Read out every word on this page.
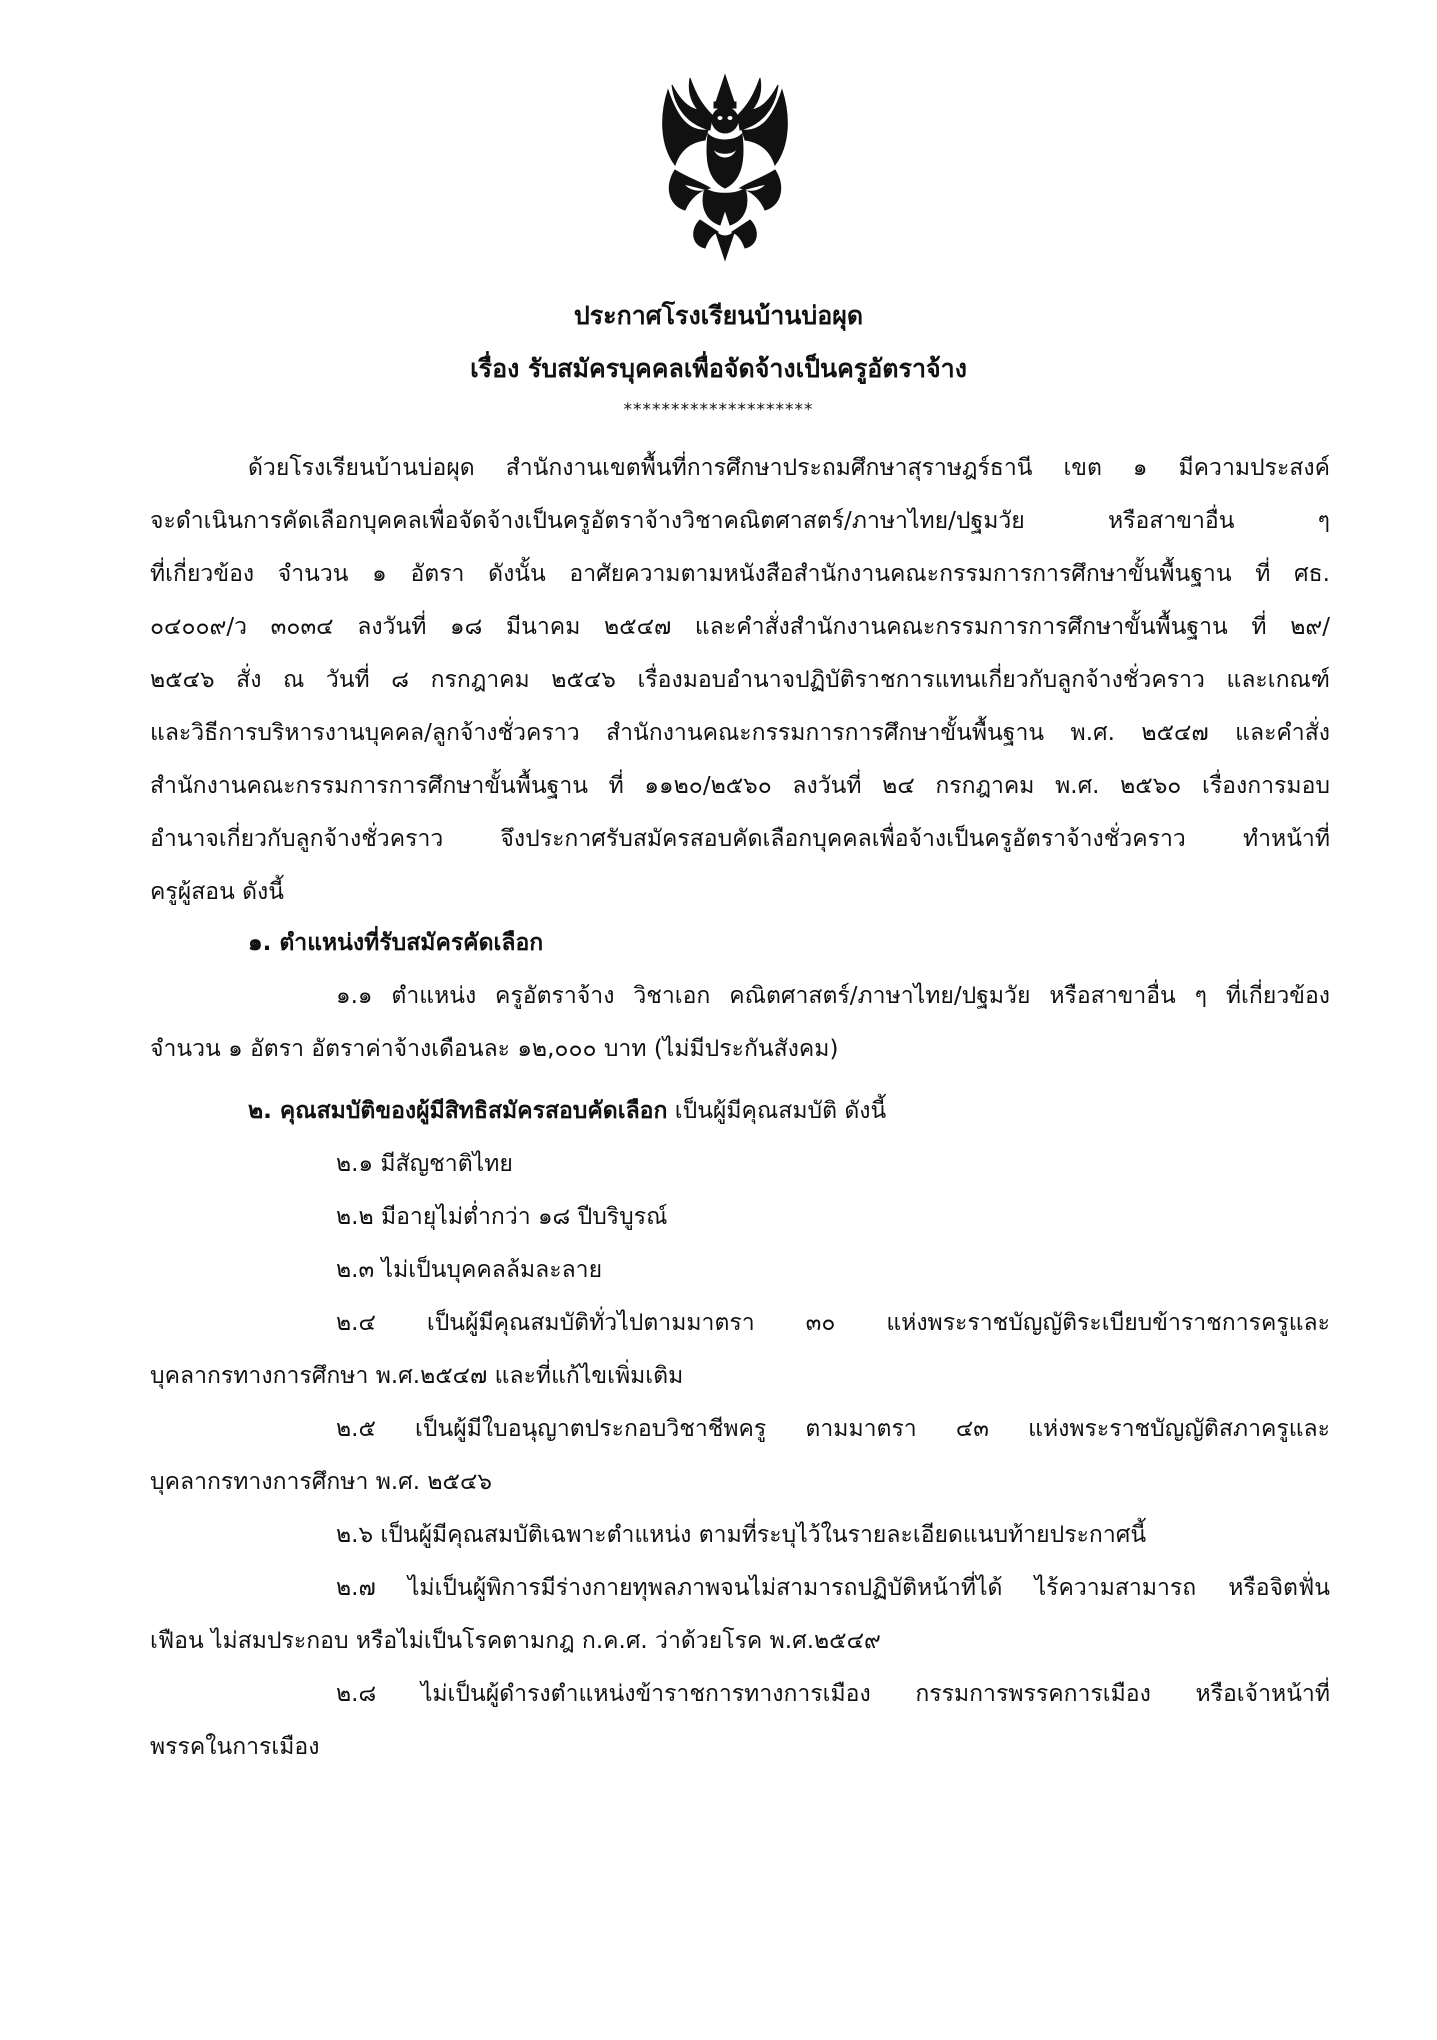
ประกาศโรงเรียนบ้านบ่อผุด
เรื่อง รับสมัครบุคคลเพื่อจัดจ้างเป็นครูอัตราจ้าง
********************
ด้วยโรงเรียนบ้านบ่อผุด สำนักงานเขตพื้นที่การศึกษาประถมศึกษาสุราษฎร์ธานี เขต ๑ มีความประสงค์
จะดำเนินการคัดเลือกบุคคลเพื่อจัดจ้างเป็นครูอัตราจ้างวิชาคณิตศาสตร์/ภาษาไทย/ปฐมวัย หรือสาขาอื่น ๆ
ที่เกี่ยวข้อง จำนวน ๑ อัตรา ดังนั้น อาศัยความตามหนังสือสำนักงานคณะกรรมการการศึกษาขั้นพื้นฐาน ที่ ศธ.
๐๔๐๐๙/ว ๓๐๓๔ ลงวันที่ ๑๘ มีนาคม ๒๕๔๗ และคำสั่งสำนักงานคณะกรรมการการศึกษาขั้นพื้นฐาน ที่ ๒๙/
๒๕๔๖ สั่ง ณ วันที่ ๘ กรกฎาคม ๒๕๔๖ เรื่องมอบอำนาจปฏิบัติราชการแทนเกี่ยวกับลูกจ้างชั่วคราว และเกณฑ์
และวิธีการบริหารงานบุคคล/ลูกจ้างชั่วคราว สำนักงานคณะกรรมการการศึกษาขั้นพื้นฐาน พ.ศ. ๒๕๔๗ และคำสั่ง
สำนักงานคณะกรรมการการศึกษาขั้นพื้นฐาน ที่ ๑๑๒๐/๒๕๖๐ ลงวันที่ ๒๔ กรกฎาคม พ.ศ. ๒๕๖๐ เรื่องการมอบ
อำนาจเกี่ยวกับลูกจ้างชั่วคราว จึงประกาศรับสมัครสอบคัดเลือกบุคคลเพื่อจ้างเป็นครูอัตราจ้างชั่วคราว ทำหน้าที่
ครูผู้สอน ดังนี้
๑. ตำแหน่งที่รับสมัครคัดเลือก
๑.๑ ตำแหน่ง ครูอัตราจ้าง วิชาเอก คณิตศาสตร์/ภาษาไทย/ปฐมวัย หรือสาขาอื่น ๆ ที่เกี่ยวข้อง
จำนวน ๑ อัตรา อัตราค่าจ้างเดือนละ ๑๒,๐๐๐ บาท (ไม่มีประกันสังคม)
๒. คุณสมบัติของผู้มีสิทธิสมัครสอบคัดเลือก เป็นผู้มีคุณสมบัติ ดังนี้
๒.๑ มีสัญชาติไทย
๒.๒ มีอายุไม่ต่ำกว่า ๑๘ ปีบริบูรณ์
๒.๓ ไม่เป็นบุคคลล้มละลาย
๒.๔ เป็นผู้มีคุณสมบัติทั่วไปตามมาตรา ๓๐ แห่งพระราชบัญญัติระเบียบข้าราชการครูและ
บุคลากรทางการศึกษา พ.ศ.๒๕๔๗ และที่แก้ไขเพิ่มเติม
๒.๕ เป็นผู้มีใบอนุญาตประกอบวิชาชีพครู ตามมาตรา ๔๓ แห่งพระราชบัญญัติสภาครูและ
บุคลากรทางการศึกษา พ.ศ. ๒๕๔๖
๒.๖ เป็นผู้มีคุณสมบัติเฉพาะตำแหน่ง ตามที่ระบุไว้ในรายละเอียดแนบท้ายประกาศนี้
๒.๗ ไม่เป็นผู้พิการมีร่างกายทุพลภาพจนไม่สามารถปฏิบัติหน้าที่ได้ ไร้ความสามารถ หรือจิตฟั่น
เฟือน ไม่สมประกอบ หรือไม่เป็นโรคตามกฎ ก.ค.ศ. ว่าด้วยโรค พ.ศ.๒๕๔๙
๒.๘ ไม่เป็นผู้ดำรงตำแหน่งข้าราชการทางการเมือง กรรมการพรรคการเมือง หรือเจ้าหน้าที่
พรรคในการเมือง
